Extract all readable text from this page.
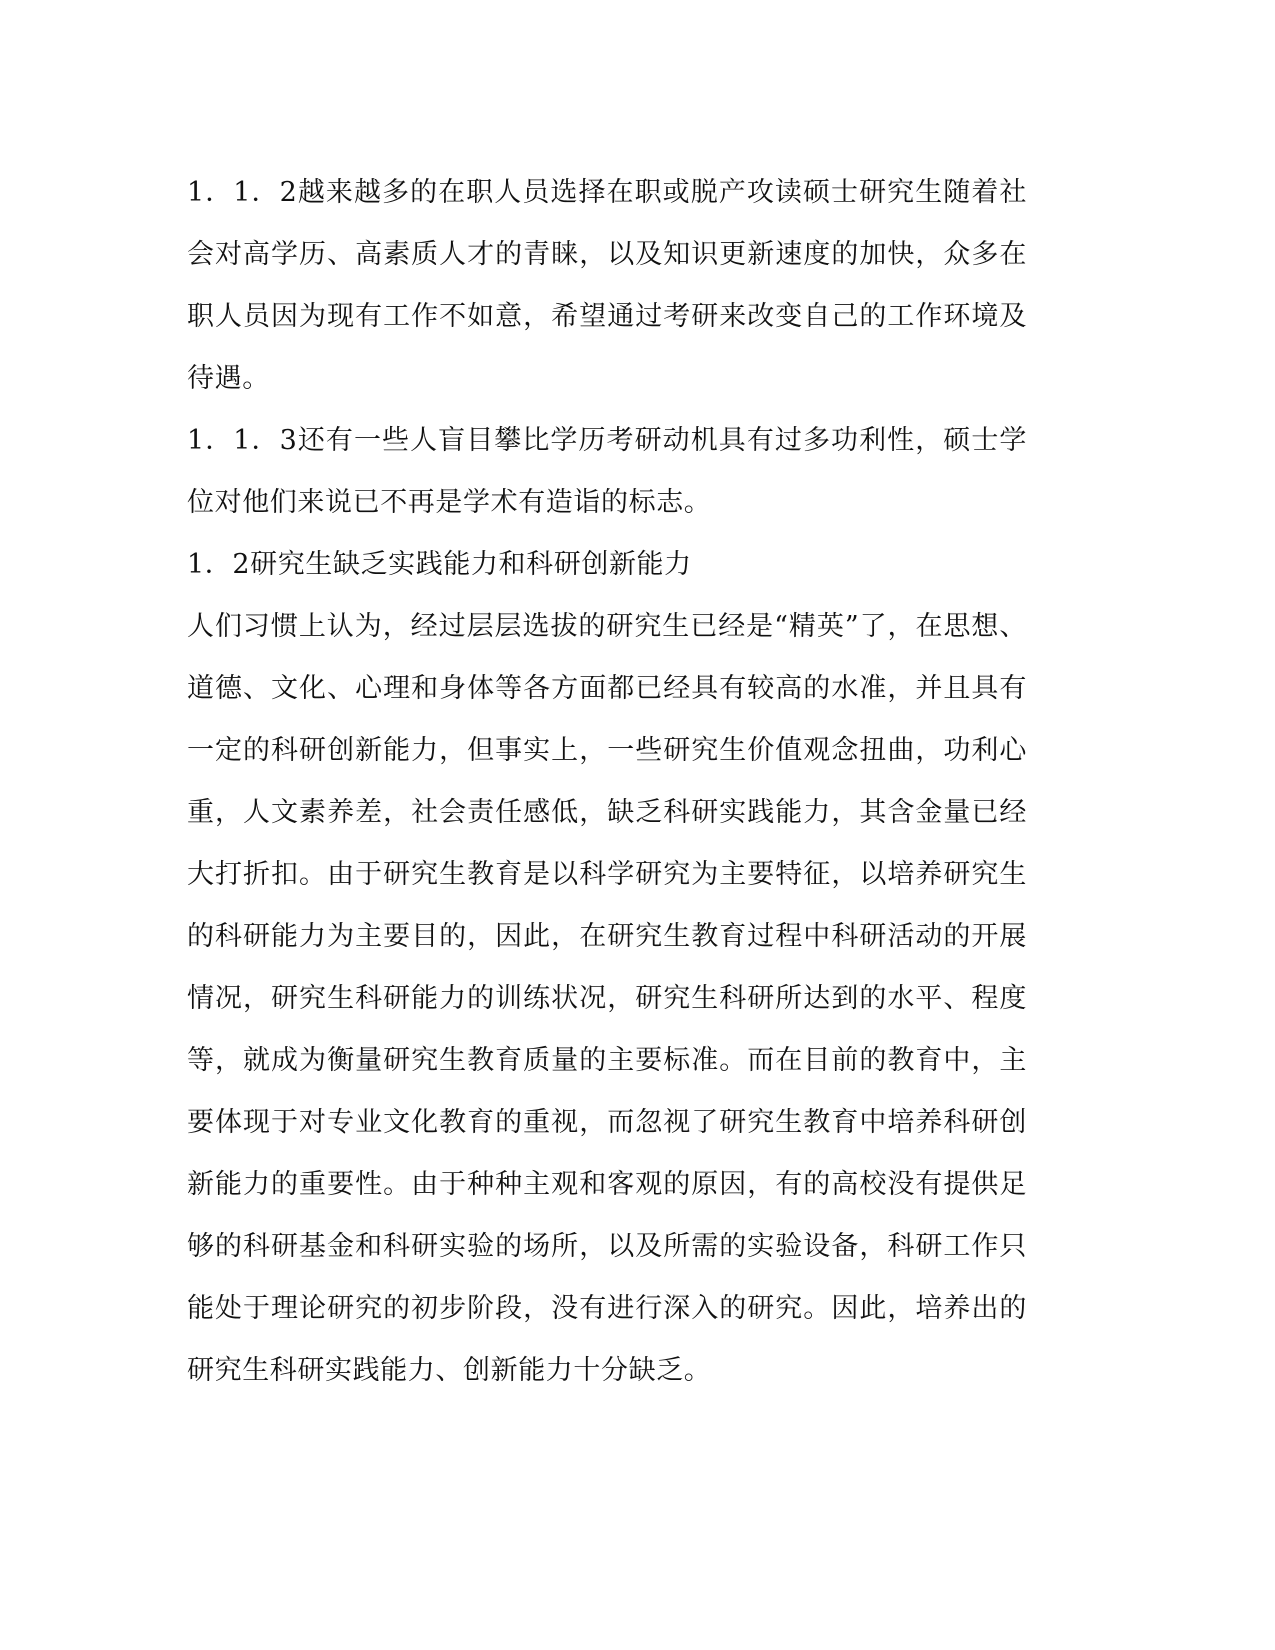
1．1．2越来越多的在职人员选择在职或脱产攻读硕士研究生随着社会对高学历、高素质人才的青睐，以及知识更新速度的加快，众多在职人员因为现有工作不如意，希望通过考研来改变自己的工作环境及待遇。

1．1．3还有一些人盲目攀比学历考研动机具有过多功利性，硕士学位对他们来说已不再是学术有造诣的标志。

1．2研究生缺乏实践能力和科研创新能力

人们习惯上认为，经过层层选拔的研究生已经是“精英”了，在思想、道德、文化、心理和身体等各方面都已经具有较高的水准，并且具有一定的科研创新能力，但事实上，一些研究生价值观念扭曲，功利心重，人文素养差，社会责任感低，缺乏科研实践能力，其含金量已经大打折扣。由于研究生教育是以科学研究为主要特征，以培养研究生的科研能力为主要目的，因此，在研究生教育过程中科研活动的开展情况，研究生科研能力的训练状况，研究生科研所达到的水平、程度等，就成为衡量研究生教育质量的主要标准。而在目前的教育中，主要体现于对专业文化教育的重视，而忽视了研究生教育中培养科研创新能力的重要性。由于种种主观和客观的原因，有的高校没有提供足够的科研基金和科研实验的场所，以及所需的实验设备，科研工作只能处于理论研究的初步阶段，没有进行深入的研究。因此，培养出的研究生科研实践能力、创新能力十分缺乏。
